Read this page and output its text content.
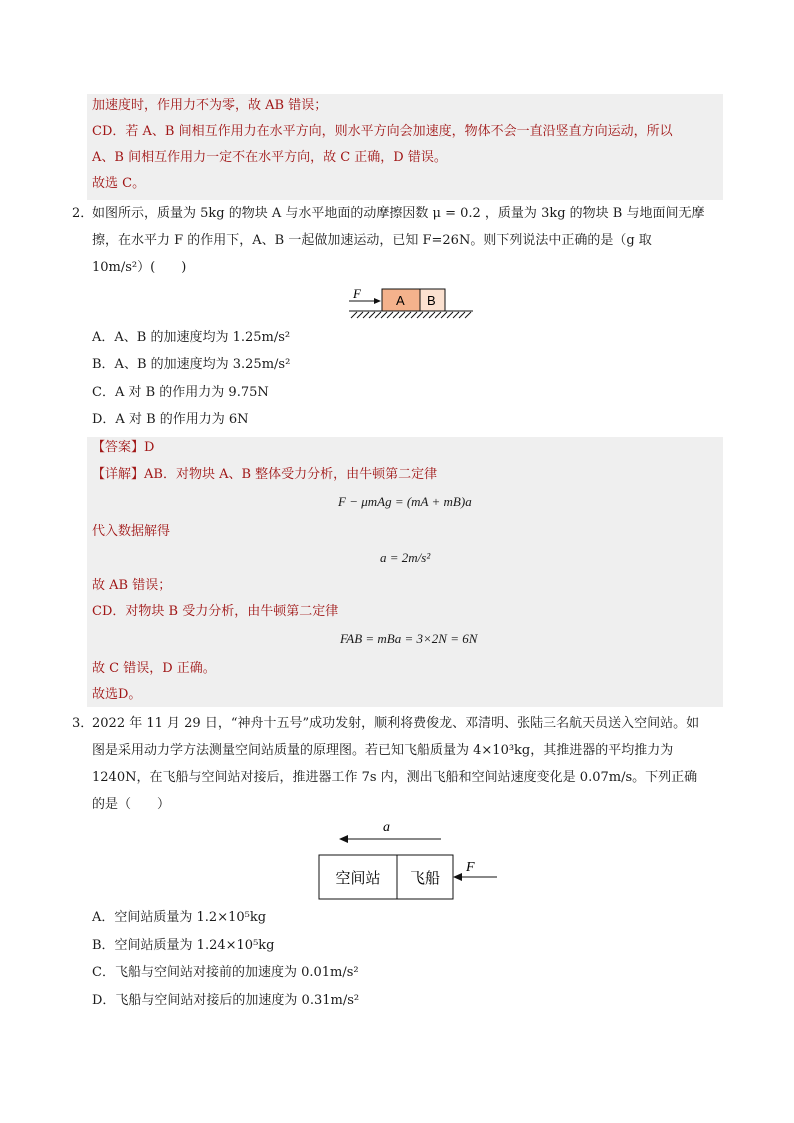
加速度时，作用力不为零，故 AB 错误；
CD．若 A、B 间相互作用力在水平方向，则水平方向会加速度，物体不会一直沿竖直方向运动，所以
A、B 间相互作用力一定不在水平方向，故 C 正确，D 错误。
故选 C。
2．
如图所示，质量为 5kg 的物块 A 与水平地面的动摩擦因数 μ = 0.2 ，质量为 3kg 的物块 B 与地面间无摩
擦，在水平力 F 的作用下，A、B 一起做加速运动，已知 F=26N。则下列说法中正确的是（g 取
10m/s²）(　　)
F	A B
A．A、B 的加速度均为 1.25m/s²
B．A、B 的加速度均为 3.25m/s²
C．A 对 B 的作用力为 9.75N
D．A 对 B 的作用力为 6N
【答案】D
【详解】AB．对物块 A、B 整体受力分析，由牛顿第二定律
F − μmAg = (mA + mB)a
代入数据解得
a = 2m/s²
故 AB 错误；
CD．对物块 B 受力分析，由牛顿第二定律
FAB = mBa = 3×2N = 6N
故 C 错误，D 正确。
故选D。
3．
2022 年 11 月 29 日，“神舟十五号”成功发射，顺利将费俊龙、邓清明、张陆三名航天员送入空间站。如
图是采用动力学方法测量空间站质量的原理图。若已知飞船质量为 4×10³kg，其推进器的平均推力为
1240N，在飞船与空间站对接后，推进器工作 7s 内，测出飞船和空间站速度变化是 0.07m/s。下列正确
的是（　　）
a
空间站 飞船
F
A．空间站质量为 1.2×10⁵kg
B．空间站质量为 1.24×10⁵kg
C．飞船与空间站对接前的加速度为 0.01m/s²
D．飞船与空间站对接后的加速度为 0.31m/s²
